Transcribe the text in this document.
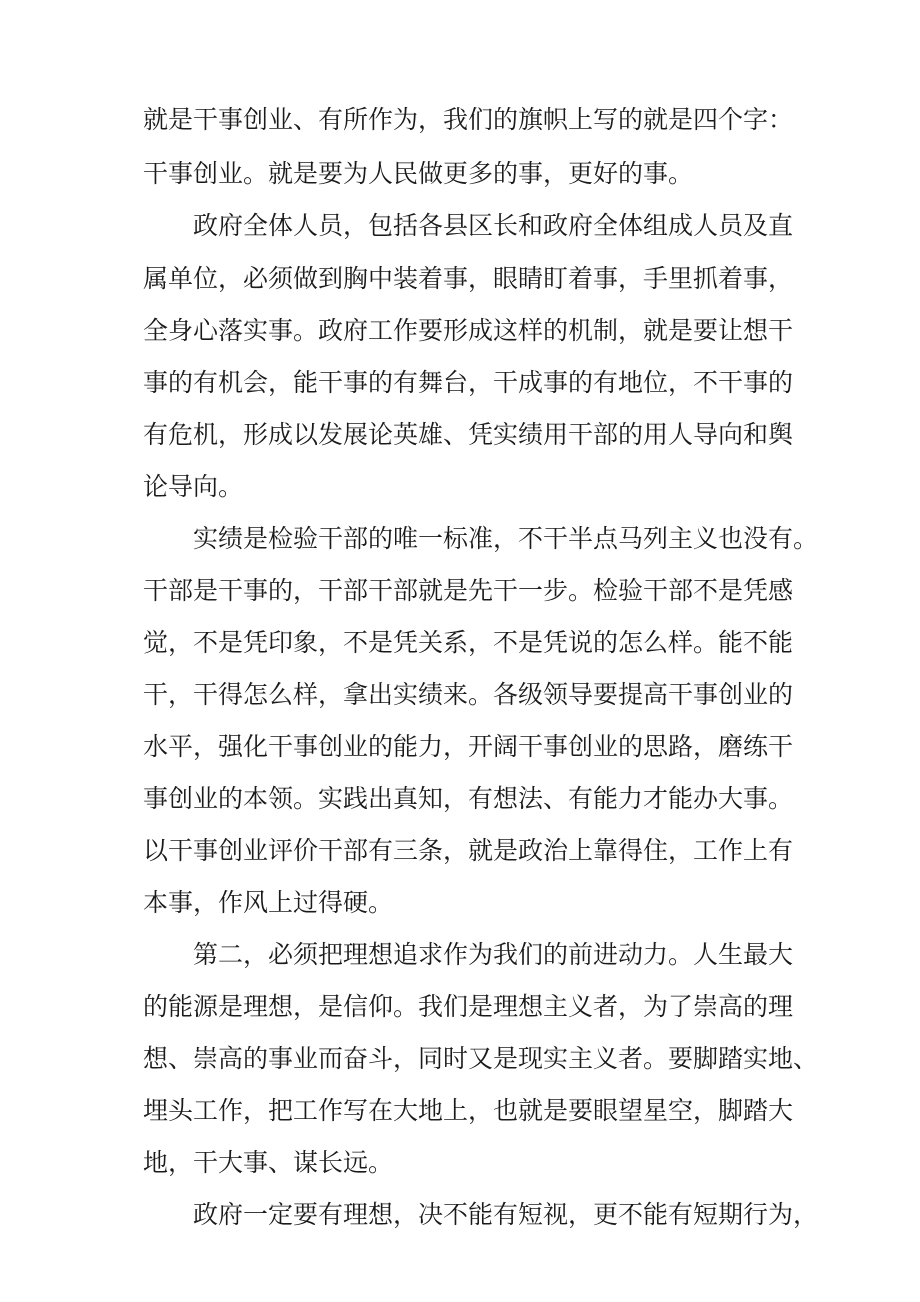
就是干事创业、有所作为，我们的旗帜上写的就是四个字：
干事创业。就是要为人民做更多的事，更好的事。
政府全体人员，包括各县区长和政府全体组成人员及直
属单位，必须做到胸中装着事，眼睛盯着事，手里抓着事，
全身心落实事。政府工作要形成这样的机制，就是要让想干
事的有机会，能干事的有舞台，干成事的有地位，不干事的
有危机，形成以发展论英雄、凭实绩用干部的用人导向和舆
论导向。
实绩是检验干部的唯一标准，不干半点马列主义也没有。
干部是干事的，干部干部就是先干一步。检验干部不是凭感
觉，不是凭印象，不是凭关系，不是凭说的怎么样。能不能
干，干得怎么样，拿出实绩来。各级领导要提高干事创业的
水平，强化干事创业的能力，开阔干事创业的思路，磨练干
事创业的本领。实践出真知，有想法、有能力才能办大事。
以干事创业评价干部有三条，就是政治上靠得住，工作上有
本事，作风上过得硬。
第二，必须把理想追求作为我们的前进动力。人生最大
的能源是理想，是信仰。我们是理想主义者，为了崇高的理
想、崇高的事业而奋斗，同时又是现实主义者。要脚踏实地、
埋头工作，把工作写在大地上，也就是要眼望星空，脚踏大
地，干大事、谋长远。
政府一定要有理想，决不能有短视，更不能有短期行为，
